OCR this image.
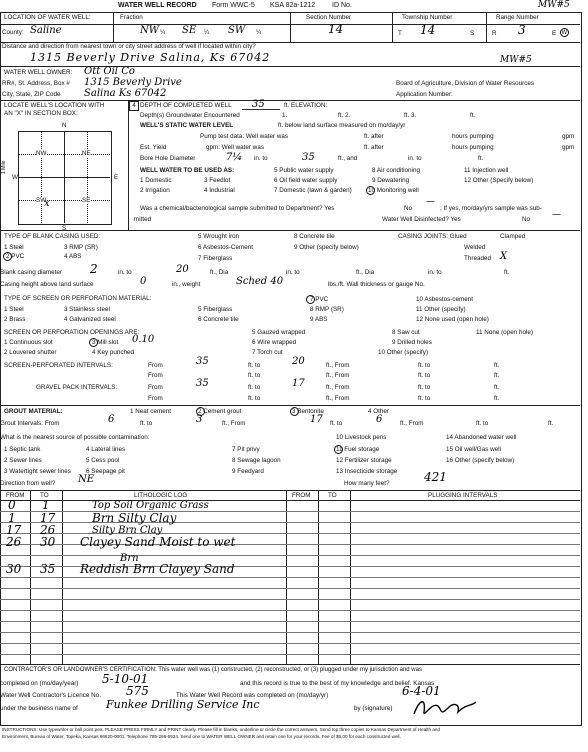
WATER WELL RECORD Form WWC-5 KSA 82a-1212 ID No.	MW#5
LOCATION OF WATER WELL:
County: Saline
Fraction
NW ¼ SE ¼ SW ¼
Section Number
14
Township Number
T 14	S
Range Number
R 3	E W
Distance and direction from nearest town or city street address of well if located within city?
1315 Beverly Drive Salina, Ks 67042	MW#5
WATER WELL OWNER: Ott Oil Co
RR#, St. Address, Box # 1315 Beverly Drive
City, State, ZIP Code Salina Ks 67042
Board of Agriculture, Division of Water Resources
Application Number:
LOCATE WELL'S LOCATION WITH
AN "X" IN SECTION BOX:
4
N
S
W	E
NW	NE
SW	SE
x
1 Mile
DEPTH OF COMPLETED WELL 35	ft. ELEVATION:
Depth(s) Groundwater Encountered	1.	ft. 2.	ft. 3.	ft.
WELL'S STATIC WATER LEVEL	ft. below land surface measured on mo/day/yr
Pump test data: Well water was	ft. after	hours pumping	gpm
Est. Yield	gpm: Well water was	ft. after	hours pumping	gpm
Bore Hole Diameter	7¼ in. to	35	ft., and	in. to	ft.
WELL WATER TO BE USED AS:	5 Public water supply	8 Air conditioning	11 Injection well
1 Domestic	3 Feedlot	6 Oil field water supply	9 Dewatering	12 Other (Specify below)
2 Irrigation	4 Industrial	7 Domestic (lawn & garden)	10 Monitoring well
Was a chemical/bacteriological sample submitted to Department? Yes	No	; If yes, mo/day/yrs sample was sub-
—
mitted	Water Well Disinfected? Yes	No —
TYPE OF BLANK CASING USED:
1 Steel	3 RMP (SR)
5 Wrought iron	8 Concrete tile	CASING JOINTS: Glued	Clamped
2 PVC	4 ABS
6 Asbestos-Cement	9 Other (specify below)	Welded
7 Fiberglass	Threaded X
Blank casing diameter 2	in. to	20	ft., Dia	in. to	ft., Dia	in. to	ft.
Casing height above land surface	0	in., weight	Sched 40	lbs./ft. Wall thickness or gauge No.
TYPE OF SCREEN OR PERFORATION MATERIAL:
1 Steel	3 Stainless steel	5 Fiberglass
7 PVC	10 Asbestos-cement
2 Brass	4 Galvanized steel	6 Concrete tile
8 RMP (SR)	11 Other (specify)
9 ABS	12 None used (open hole)
SCREEN OR PERFORATION OPENINGS ARE:
1 Continuous slot	3 Mill slot 0.10
5 Gauzed wrapped	8 Saw cut	11 None (open hole)
2 Louvered shutter	4 Key punched
6 Wire wrapped	9 Drilled holes
7 Torch cut	10 Other (specify)
SCREEN-PERFORATED INTERVALS:	From	35	ft. to	20	ft., From	ft. to	ft.
From	ft. to	ft., From	ft. to	ft.
GRAVEL PACK INTERVALS:	From	35	ft. to	17	ft., From	ft. to	ft.
From	ft. to	ft., From	ft. to	ft.
GROUT MATERIAL:	1 Neat cement	2 Cement grout	3 Bentonite	4 Other
Grout Intervals: From	6	ft. to	3	ft., From	17 ft. to	6	ft., From	ft. to	ft.
What is the nearest source of possible contamination:	10 Livestock pens	14 Abandoned water well
1 Septic tank	4 Lateral lines	7 Pit privy	11 Fuel storage	15 Oil well/Gas well
2 Sewer lines	5 Cess pool	8 Sewage lagoon	12 Fertilizer storage	16 Other (specify below)
3 Watertight sewer lines 6 Seepage pit	9 Feedyard	13 Insecticide storage
Direction from well? NE	How many feet?	421
FROM TO	LITHOLOGIC LOG	FROM	TO	PLUGGING INTERVALS
0 1	Top Soil Organic Grass
1 17	Brn Silty Clay
17 26	Silty Brn Clay
26 30 Clayey Sand Moist to wet
Brn
30 35 Reddish Brn Clayey Sand
CONTRACTOR'S OR LANDOWNER'S CERTIFICATION: This water well was (1) constructed, (2) reconstructed, or (3) plugged under my jurisdiction and was
completed on (mo/day/year) 5-10-01	and this record is true to the best of my knowledge and belief. Kansas
Water Well Contractor's Licence No. 575	This Water Well Record was completed on (mo/day/yr)	6-4-01
under the business name of	Funkee Drilling Service Inc	by (signature)
INSTRUCTIONS: Use typewriter or ball point pen. PLEASE PRESS FIRMLY and PRINT clearly. Please fill in blanks, underline or circle the correct answers. Send top three copies to Kansas Department of Health and
Environment, Bureau of Water, Topeka, Kansas 66620-0001. Telephone 785-296-5524. Send one to WATER WELL OWNER and retain one for your records. Fee of $5.00 for each constructed well.
